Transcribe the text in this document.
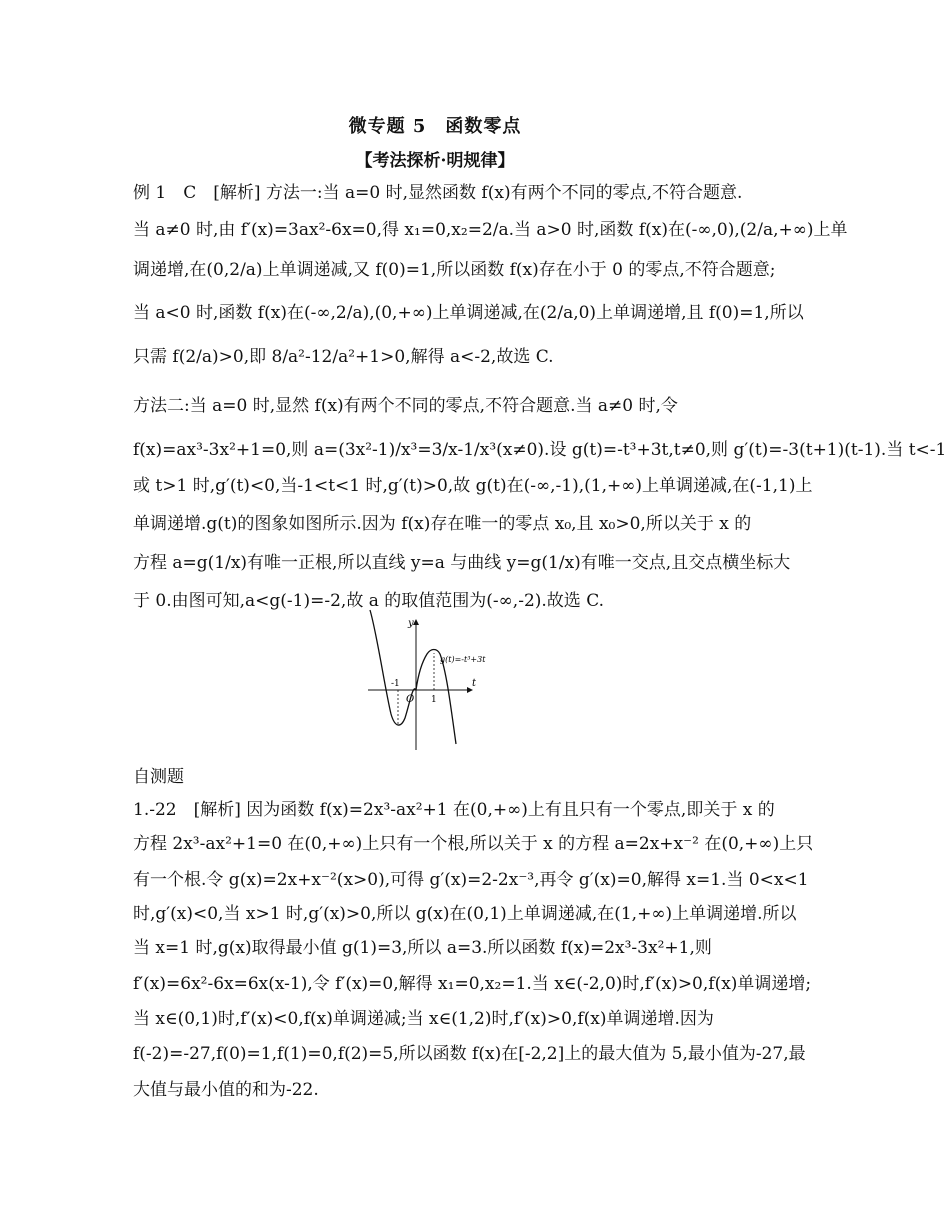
微专题 5　函数零点
【考法探析·明规律】
例 1　C　[解析] 方法一:当 a=0 时,显然函数 f(x)有两个不同的零点,不符合题意.
当 a≠0 时,由 f′(x)=3ax²-6x=0,得 x₁=0,x₂=2/a.当 a>0 时,函数 f(x)在(-∞,0),(2/a,+∞)上单
调递增,在(0,2/a)上单调递减,又 f(0)=1,所以函数 f(x)存在小于 0 的零点,不符合题意;
当 a<0 时,函数 f(x)在(-∞,2/a),(0,+∞)上单调递减,在(2/a,0)上单调递增,且 f(0)=1,所以
只需 f(2/a)>0,即 8/a²-12/a²+1>0,解得 a<-2,故选 C.
方法二:当 a=0 时,显然 f(x)有两个不同的零点,不符合题意.当 a≠0 时,令
f(x)=ax³-3x²+1=0,则 a=(3x²-1)/x³=3/x-1/x³(x≠0).设 g(t)=-t³+3t,t≠0,则 g′(t)=-3(t+1)(t-1).当 t<-1
或 t>1 时,g′(t)<0,当-1<t<1 时,g′(t)>0,故 g(t)在(-∞,-1),(1,+∞)上单调递减,在(-1,1)上
单调递增.g(t)的图象如图所示.因为 f(x)存在唯一的零点 x₀,且 x₀>0,所以关于 x 的
方程 a=g(1/x)有唯一正根,所以直线 y=a 与曲线 y=g(1/x)有唯一交点,且交点横坐标大
于 0.由图可知,a<g(-1)=-2,故 a 的取值范围为(-∞,-2).故选 C.
y
t
O
-1
1
g(t)=-t³+3t
自测题
1.-22　[解析] 因为函数 f(x)=2x³-ax²+1 在(0,+∞)上有且只有一个零点,即关于 x 的
方程 2x³-ax²+1=0 在(0,+∞)上只有一个根,所以关于 x 的方程 a=2x+x⁻² 在(0,+∞)上只
有一个根.令 g(x)=2x+x⁻²(x>0),可得 g′(x)=2-2x⁻³,再令 g′(x)=0,解得 x=1.当 0<x<1
时,g′(x)<0,当 x>1 时,g′(x)>0,所以 g(x)在(0,1)上单调递减,在(1,+∞)上单调递增.所以
当 x=1 时,g(x)取得最小值 g(1)=3,所以 a=3.所以函数 f(x)=2x³-3x²+1,则
f′(x)=6x²-6x=6x(x-1),令 f′(x)=0,解得 x₁=0,x₂=1.当 x∈(-2,0)时,f′(x)>0,f(x)单调递增;
当 x∈(0,1)时,f′(x)<0,f(x)单调递减;当 x∈(1,2)时,f′(x)>0,f(x)单调递增.因为
f(-2)=-27,f(0)=1,f(1)=0,f(2)=5,所以函数 f(x)在[-2,2]上的最大值为 5,最小值为-27,最
大值与最小值的和为-22.
